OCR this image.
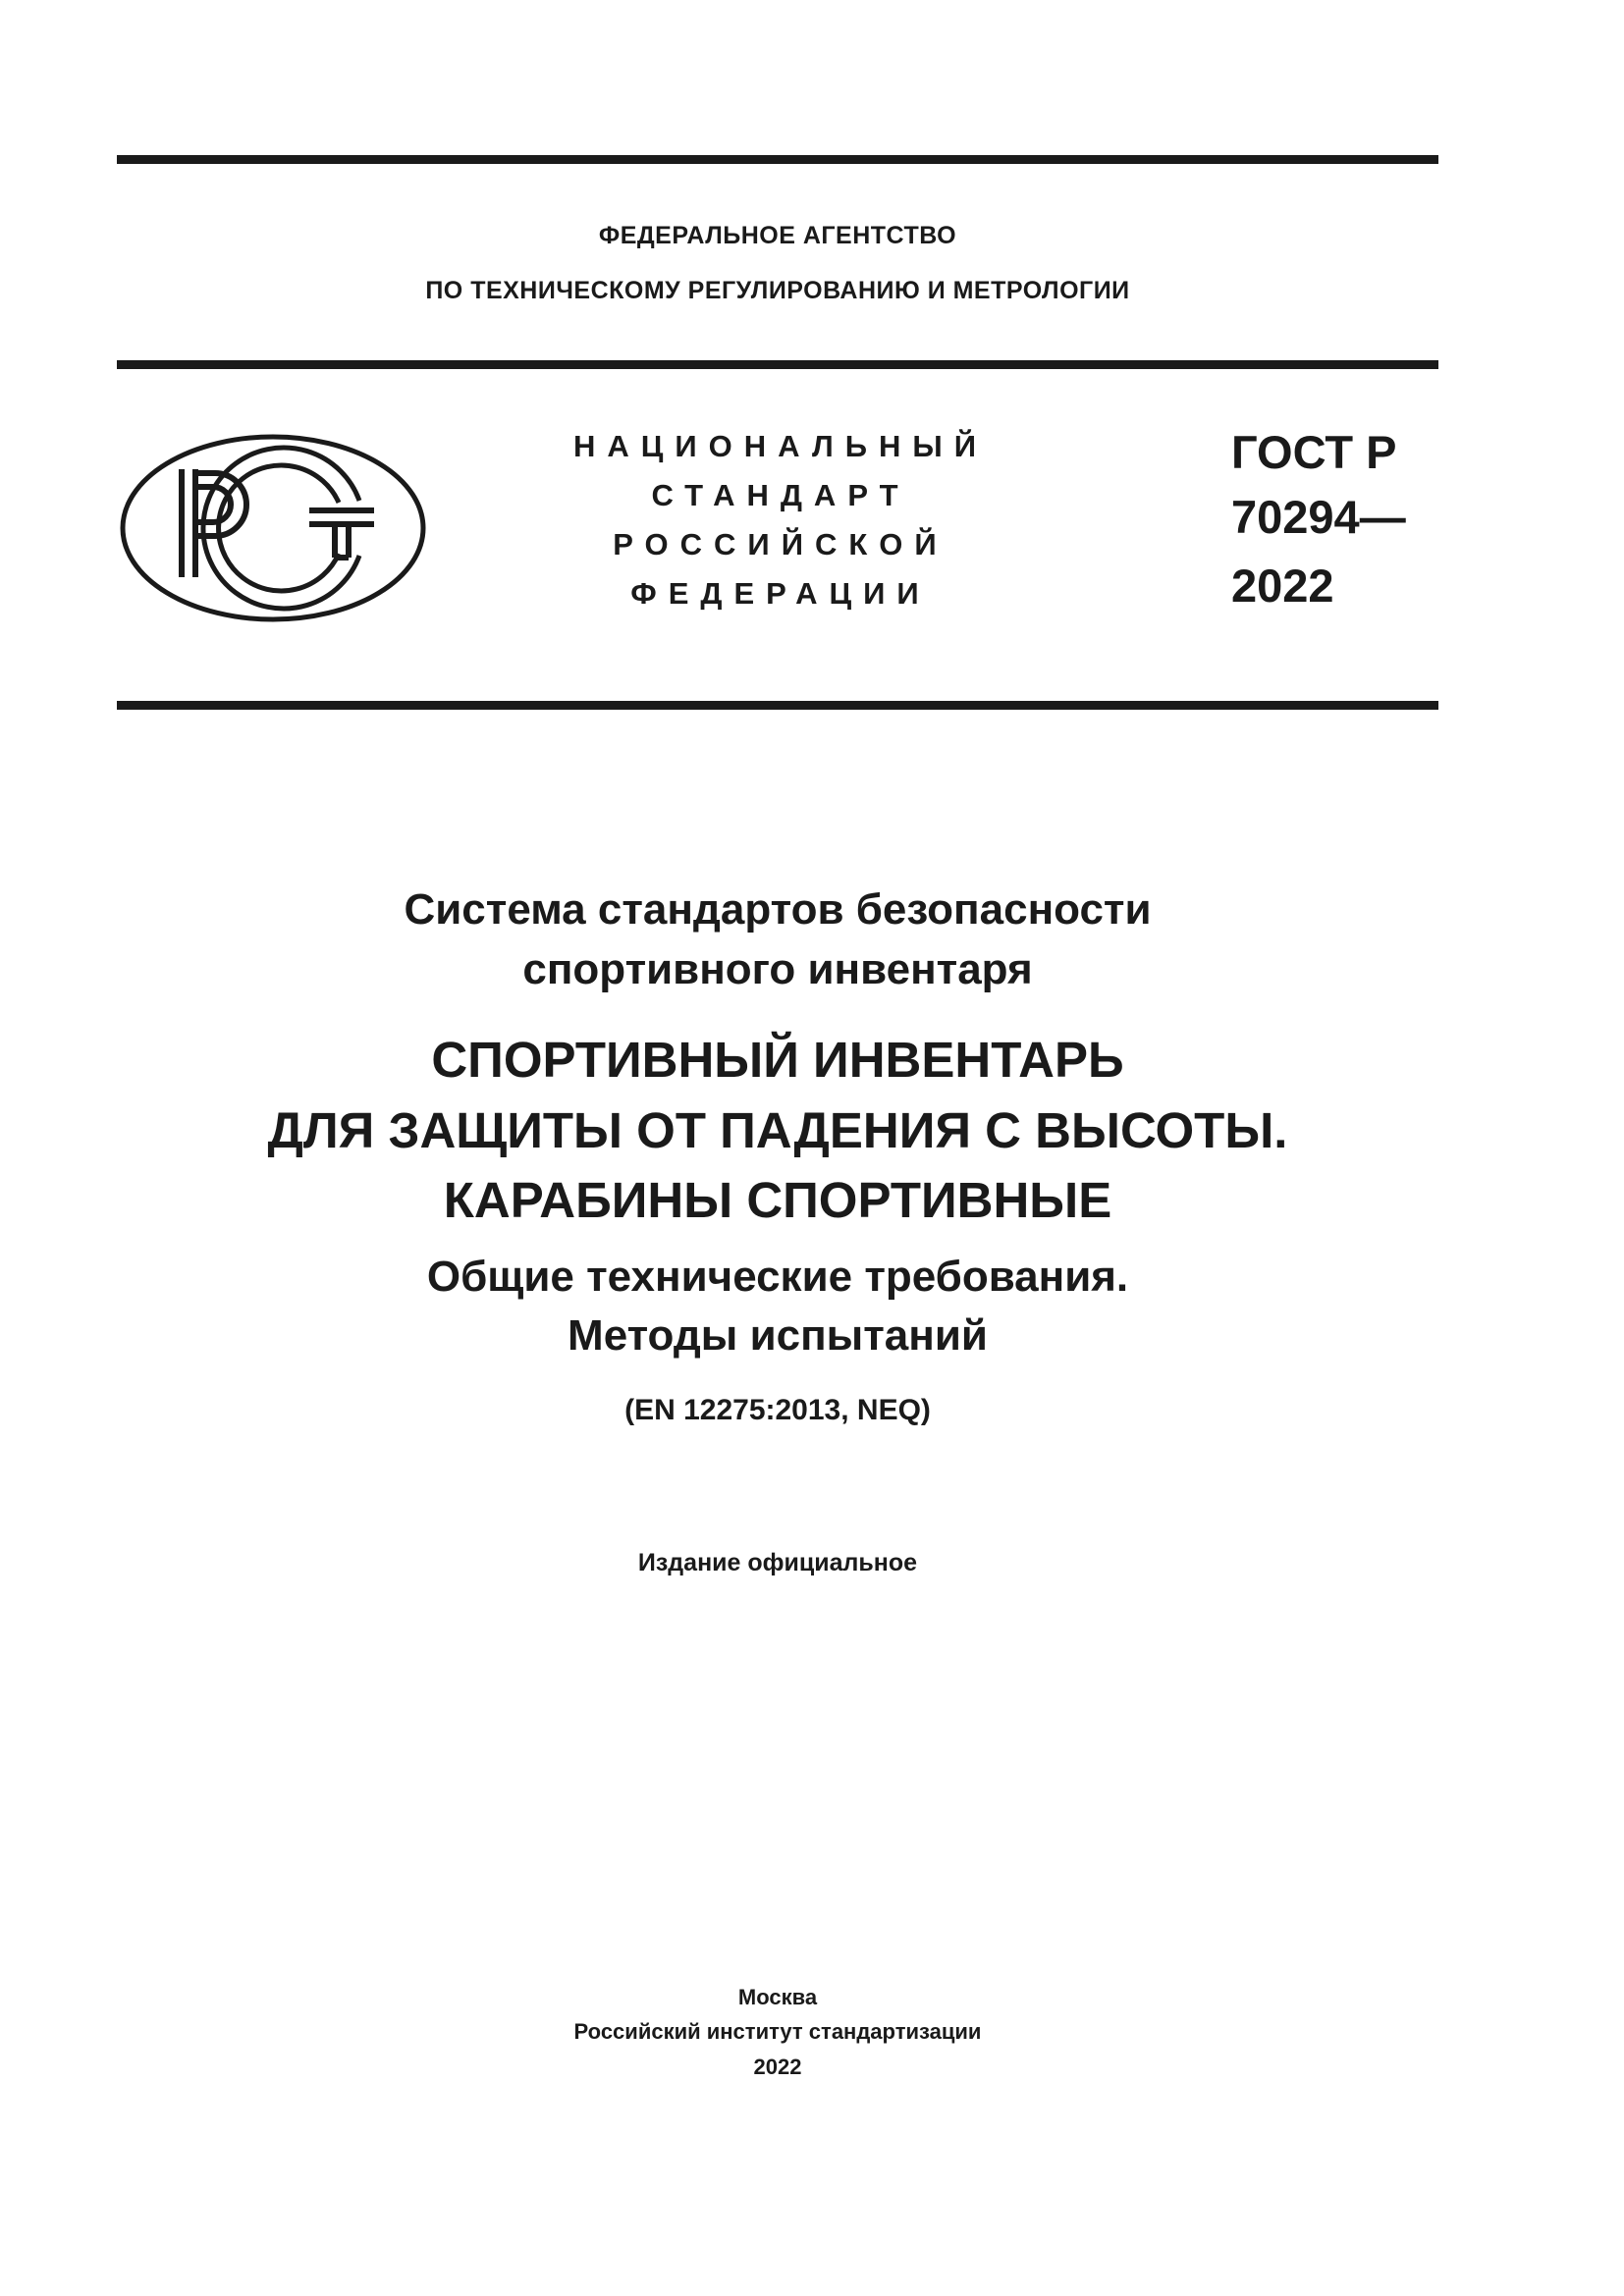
ФЕДЕРАЛЬНОЕ АГЕНТСТВО
ПО ТЕХНИЧЕСКОМУ РЕГУЛИРОВАНИЮ И МЕТРОЛОГИИ
НАЦИОНАЛЬНЫЙ
СТАНДАРТ
РОССИЙСКОЙ
ФЕДЕРАЦИИ
ГОСТ Р
70294—
2022
Система стандартов безопасности
спортивного инвентаря
СПОРТИВНЫЙ ИНВЕНТАРЬ
ДЛЯ ЗАЩИТЫ ОТ ПАДЕНИЯ С ВЫСОТЫ.
КАРАБИНЫ СПОРТИВНЫЕ
Общие технические требования.
Методы испытаний
(EN 12275:2013, NEQ)
Издание официальное
Москва
Российский институт стандартизации
2022
